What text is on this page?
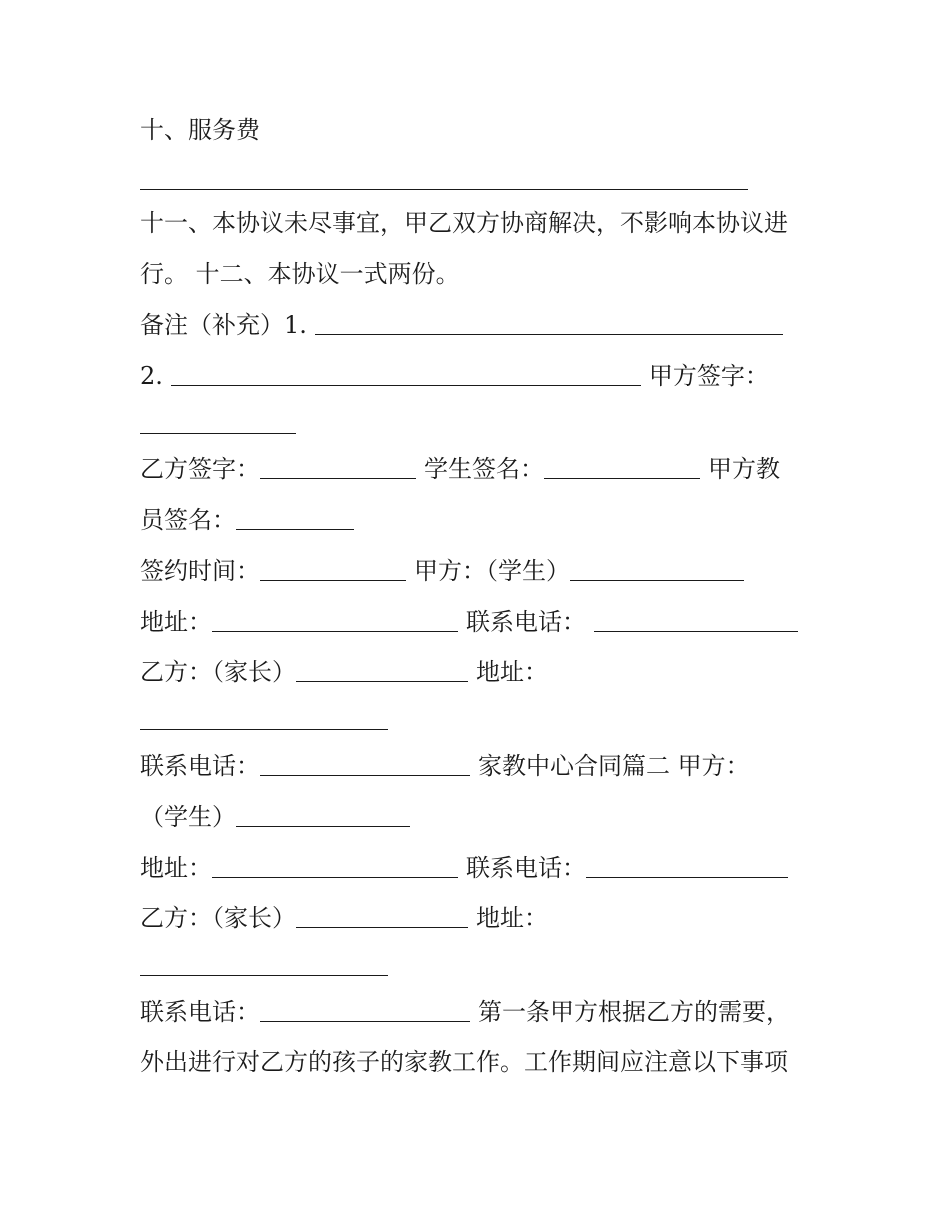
十、服务费
十一、本协议未尽事宜，甲乙双方协商解决，不影响本协议进
行。 十二、本协议一式两份。
备注（补充）1.
2.	甲方签字：
乙方签字：	学生签名：	甲方教
员签名：
签约时间：	甲方：（学生）
地址：	联系电话：
乙方：（家长）	地址：
联系电话：	家教中心合同篇二 甲方：
（学生）
地址：	联系电话：
乙方：（家长）	地址：
联系电话：	第一条甲方根据乙方的需要，
外出进行对乙方的孩子的家教工作。工作期间应注意以下事项
